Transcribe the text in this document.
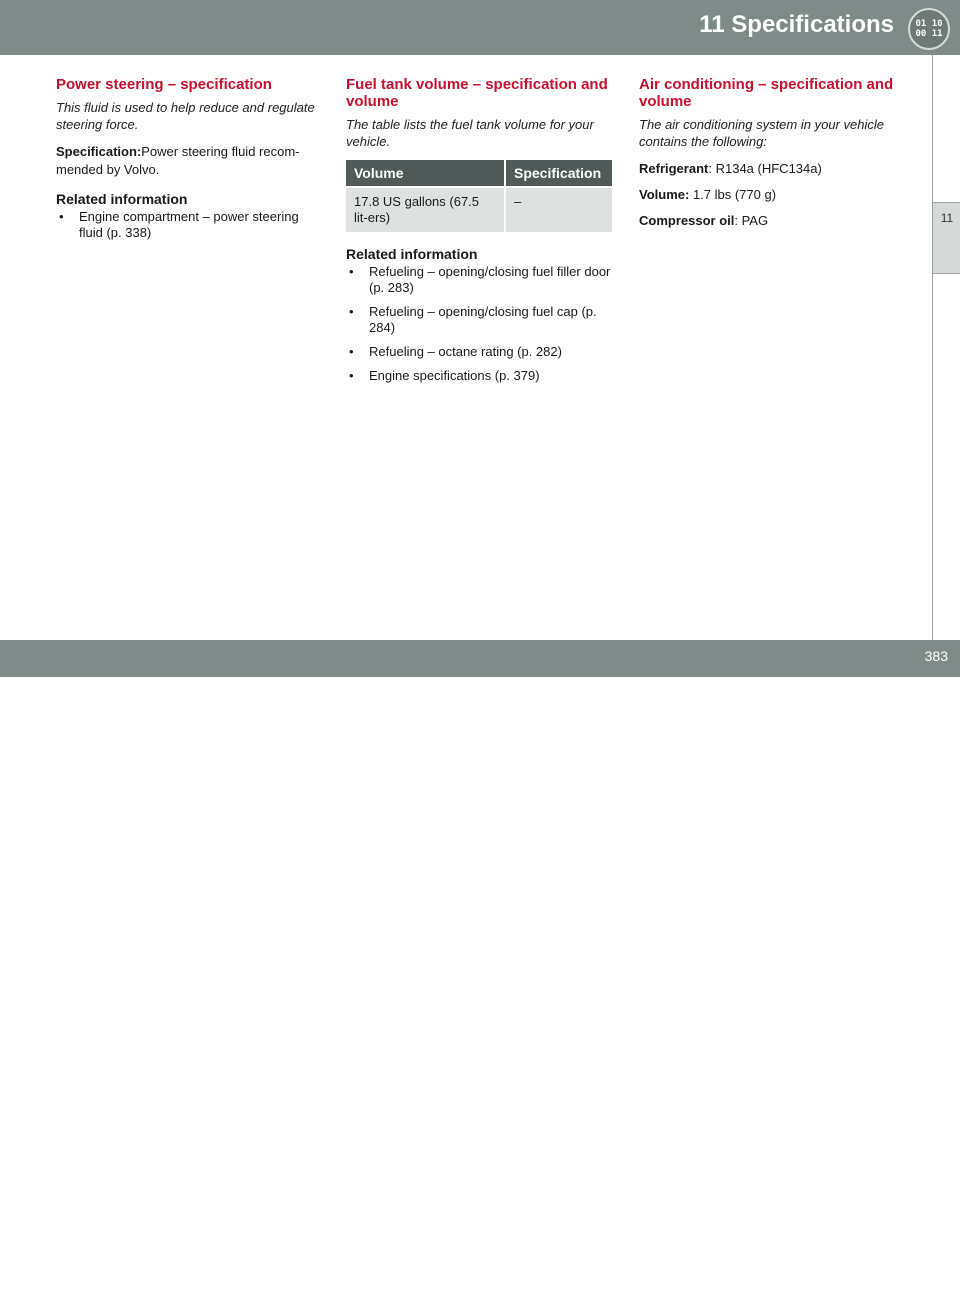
11 Specifications 01 10
00 11
11
Power steering – specification

This fluid is used to help reduce and regulate steering force.

Specification:Power steering fluid recom-mended by Volvo.

Related information
• Engine compartment – power steering fluid (p. 338)
Fuel tank volume – specification and volume

The table lists the fuel tank volume for your vehicle.

Volume	Specification
17.8 US gallons (67.5 lit-ers)	–
Related information
• Refueling – opening/closing fuel filler door (p. 283)
• Refueling – opening/closing fuel cap (p. 284)
• Refueling – octane rating (p. 282)
• Engine specifications (p. 379)
Air conditioning – specification and volume

The air conditioning system in your vehicle contains the following:

Refrigerant: R134a (HFC134a)

Volume: 1.7 lbs (770 g)

Compressor oil: PAG

carmanualsonline.info
383
